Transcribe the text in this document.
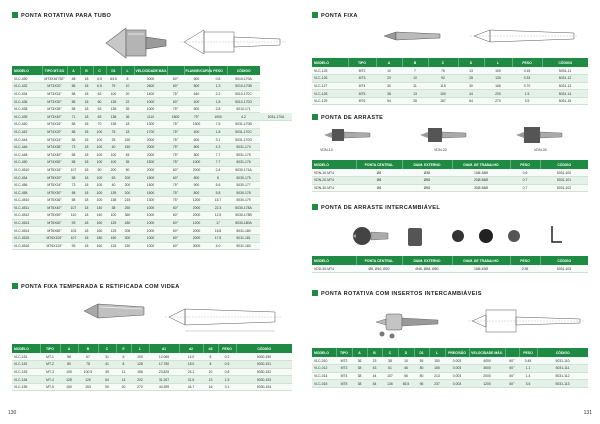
PONTA ROTATIVA PARA TUBO
MODELO	TIPO MT-SO	A	B	C	D1	L	VELOCIDADE MÁX.		FLANGE/CURVA	PESO	CÓDIGO	
VLC-430	MT3X16°/30°	48	18	6.5	63.5	8	3000	60°	600	0.8	5010-170A	
VLC-432	MT3X20°	58	18	6.5	75	10	2600	60°	800	1.3	5010-170B	
VLC-434	MT3X24°	58	18	63	100	20	1400	75°	640	2.2	5010-170C	
VLC-436	MT3X30°	58	18	60	135	22	1000	60°	400	1.8	5010-170D	
VLC-438	MT3X36°	58	18	63	135	35	1000	75°	600	2.8	5010-171	
VLC-439	MT3X40°	71	18	63	138	36	1110	1800	75°	1000	4.2	5031-170A
VLC-440	MT4X16°	58	18	70	138	18	1300	75°	1300	7.5	5031-170B	
VLC-442	MT4X20°	58	18	100	75	18	1700	75°	400	1.8	5031-170C	
VLC-444	MT4X24°	58	18	100	25	150	2000	75°	600	3.1	5031-170D	
VLC-446	MT4X36°	73	18	100	40	150	2000	75°	800	4.3	5031-174	
VLC-448	MT4X40°	58	18	100	100	45	2000	75°	800	7.7	5031-175	
VLC-450	MT4X50°	58	18	100	100	35	1500	75°	1000	7.7	5031-176	
VLC-4510	MT5X16°	107	18	50	200	50	2000	60°	2000	2.4	5030-174A	
VLC-454	MT5X20°	58	18	100	63	200	1500	60°	800	6	5030-175	
VLC-456	MT5X24°	73	18	100	40	200	1500	75°	900	5.6	5030-177	
VLC-458	MT5X30°	58	18	100	135	200	1500	75°	800	5.8	5030-178	
VLC-4510	MT5X36°	58	18	100	138	215	1300	75°	1200	15.7	5030-179	
VLC-4511	MT5X40°	107	18	140	38	250	1000	60°	2000	22.3	5030-178A	
VLC-4512	MT5X50°	110	18	140	100	360	1000	60°	2000	12.5	5030-178B	
VLC-4513	MT5X60°	93	18	160	125	180	1000	60°	1200	17	5030-180A	
VLC-4514	MT6X80°	103	18	160	125	206	1000	60°	2000	15.8	5031-180	
VLC-4515	MT6X100°	107	18	180	150	300	1000	60°	2000	17.5	5031-181	
VLC-4516	MT6X120°	93	18	160	125	150	1000	60°	3000	4.0	5031-183	
PONTA FIXA TEMPERADA E RETIFICADA COM VIDEA
MODELO	TIPO	A	B	C	E	L	d1	d2	d3	PESO	CÓDIGO
VLC-151	MT-1	58	67	31	6	100	12.065	14.0	8	0.2	5030-150
VLC-152	MT-2	80	78	41	8	128	17.780	18.0	8	0.5	5030-151
VLC-153	MT-3	105	100.5	49	11	156	23.825	24.1	10	0.8	5030-152
VLC-154	MT-4	128	126	64	14	202	31.267	31.6	13	1.5	5030-153
VLC-155	MT-5	150	153	90	20	270	44.399	44.7	16	3.1	5030-154
130
PONTA FIXA
MODELO	TIPO	A	B	C	D	L	PESO	CÓDIGO
VLC-125	MT2	10	7	75	13	100	0.15	5031-11
VLC-126	MT3	20	10	92	28	130	0.33	5031-12
VLC-127	MT4	30	11	115	30	165	0.70	5031-13
VLC-128	MT5	38	13	150	44	200	1.5	5031-14
VLC-129	MT6	54	28	187	64	270	3.5	5031-15
PONTA DE ARRASTE
VDN-10	VDN-20	VDN-30
MODELO	PONTA CENTRAL	DIAM. EXTERNO	DIAM. DE TRABALHO	PESO	CÓDIGO
VDN-10-MT4	Ø8	Ø38	10Ø-38Ø	0.6	5031-100
VDN-20-MT4	Ø8	Ø58	20Ø-58Ø	0.7	5031-101
VDN-30-MT4	Ø8	Ø58	30Ø-58Ø	0.7	5031-102
PONTA DE ARRASTE INTERCAMBIÁVEL
MODELO	PONTA CENTRAL	DIAM. EXTERNO	DIAM. DE TRABALHO	PESO	CÓDIGO
VDD-30-MT4	Ø8, Ø10, Ø20	Ø46, Ø58, Ø60	15Ø-45Ø	2.35	5031-103
PONTA ROTATIVA COM INSERTOS INTERCAMBIÁVEIS
MODELO	TIPO	A	B	C	D	D1	L	PRECISÃO	VELOCIDADE MÁX.		PESO	CÓDIGO
VLC-010	MT2	36	23	38	10	55	150	0.003	4000	60°	0.45	5031-110
VLC-012	MT3	38	43	61	46	80	165	0.003	3600	60°	1.1	5031-111
VLC-014	MT4	38	44	107	56	80	213	0.003	2000	60°	1.4	5031-112
VLC-015	MT5	38	54	136	65.5	96	237	0.003	1200	60°	3.6	5031-113
131
